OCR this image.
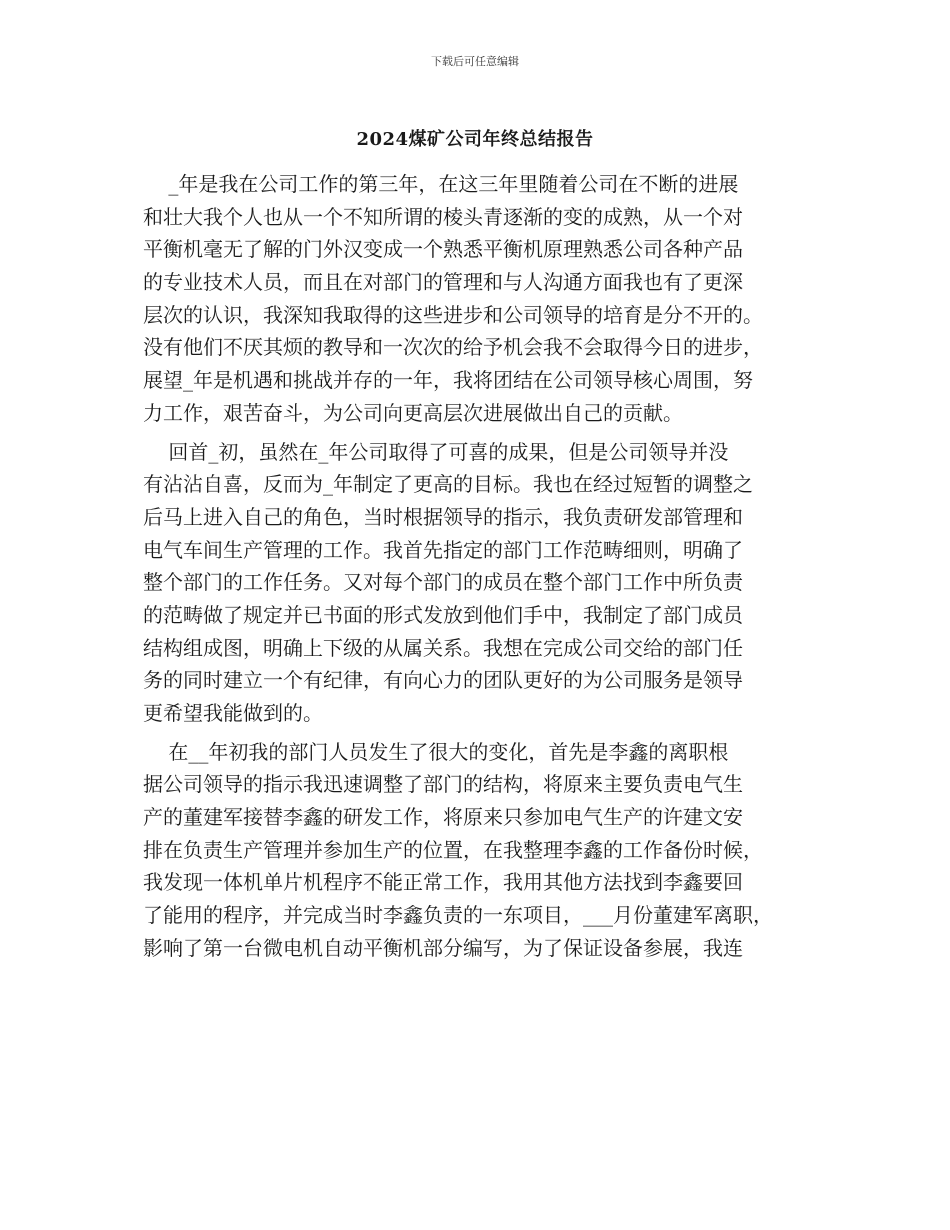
下载后可任意编辑
2024煤矿公司年终总结报告
_年是我在公司工作的第三年，在这三年里随着公司在不断的进展
和壮大我个人也从一个不知所谓的棱头青逐渐的变的成熟，从一个对
平衡机毫无了解的门外汉变成一个熟悉平衡机原理熟悉公司各种产品
的专业技术人员，而且在对部门的管理和与人沟通方面我也有了更深
层次的认识，我深知我取得的这些进步和公司领导的培育是分不开的。
没有他们不厌其烦的教导和一次次的给予机会我不会取得今日的进步，
展望_年是机遇和挑战并存的一年，我将团结在公司领导核心周围，努
力工作，艰苦奋斗，为公司向更高层次进展做出自己的贡献。
回首_初，虽然在_年公司取得了可喜的成果，但是公司领导并没
有沾沾自喜，反而为_年制定了更高的目标。我也在经过短暂的调整之
后马上进入自己的角色，当时根据领导的指示，我负责研发部管理和
电气车间生产管理的工作。我首先指定的部门工作范畴细则，明确了
整个部门的工作任务。又对每个部门的成员在整个部门工作中所负责
的范畴做了规定并已书面的形式发放到他们手中，我制定了部门成员
结构组成图，明确上下级的从属关系。我想在完成公司交给的部门任
务的同时建立一个有纪律，有向心力的团队更好的为公司服务是领导
更希望我能做到的。
在__年初我的部门人员发生了很大的变化，首先是李鑫的离职根
据公司领导的指示我迅速调整了部门的结构，将原来主要负责电气生
产的董建军接替李鑫的研发工作，将原来只参加电气生产的许建文安
排在负责生产管理并参加生产的位置，在我整理李鑫的工作备份时候，
我发现一体机单片机程序不能正常工作，我用其他方法找到李鑫要回
了能用的程序，并完成当时李鑫负责的一东项目，___月份董建军离职，
影响了第一台微电机自动平衡机部分编写，为了保证设备参展，我连
